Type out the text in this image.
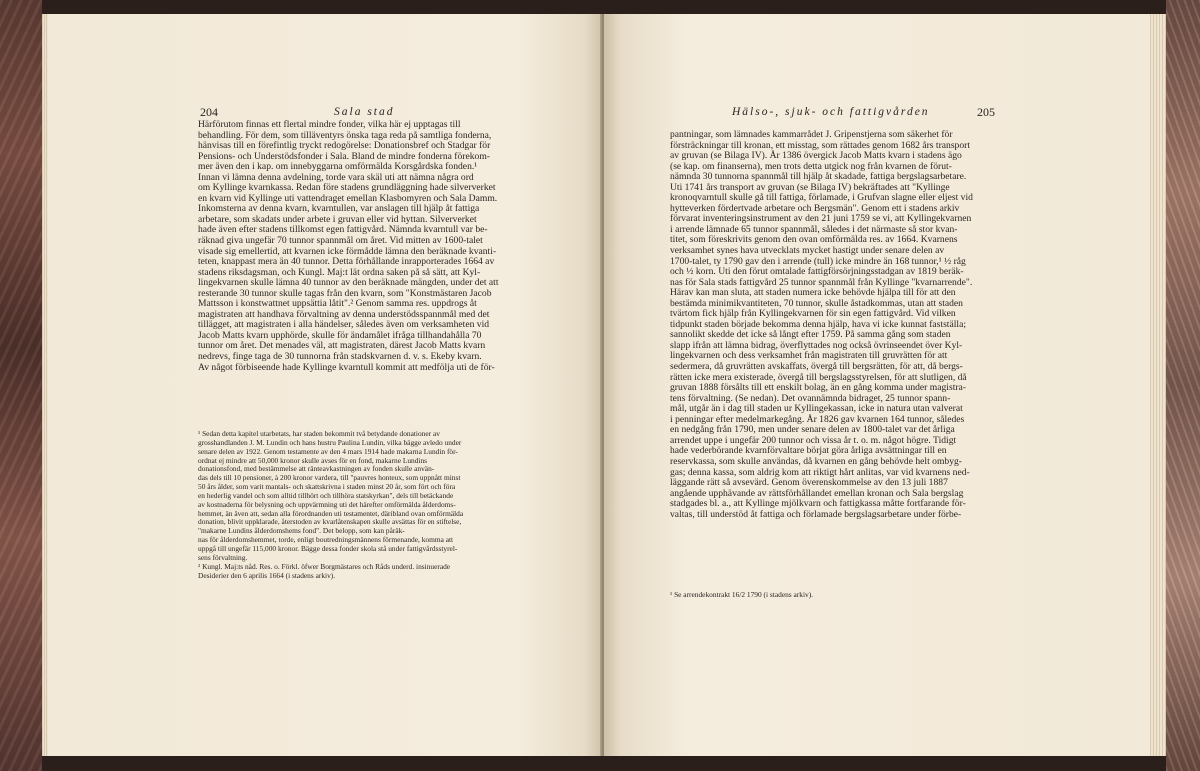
204	Sala stad
Härförutom finnas ett flertal mindre fonder, vilka här ej upptagas till
behandling. För dem, som tilläventyrs önska taga reda på samtliga fonderna,
hänvisas till en förefintlig tryckt redogörelse: Donationsbref och Stadgar för
Pensions- och Understödsfonder i Sala. Bland de mindre fonderna förekom-
mer även den i kap. om innebyggarna omförmälda Korsgårdska fonden.¹
Innan vi lämna denna avdelning, torde vara skäl uti att nämna några ord
om Kyllinge kvarnkassa. Redan före stadens grundläggning hade silververket
en kvarn vid Kyllinge uti vattendraget emellan Klasbomyren och Sala Damm.
Inkomsterna av denna kvarn, kvarntullen, var anslagen till hjälp åt fattiga
arbetare, som skadats under arbete i gruvan eller vid hyttan. Silververket
hade även efter stadens tillkomst egen fattigvård. Nämnda kvarntull var be-
räknad giva ungefär 70 tunnor spannmål om året. Vid mitten av 1600-talet
visade sig emellertid, att kvarnen icke förmådde lämna den beräknade kvanti-
teten, knappast mera än 40 tunnor. Detta förhållande inrapporterades 1664 av
stadens riksdagsman, och Kungl. Maj:t lät ordna saken på så sätt, att Kyl-
lingekvarnen skulle lämna 40 tunnor av den beräknade mängden, under det att
resterande 30 tunnor skulle tagas från den kvarn, som "Konstmästaren Jacob
Mattsson i konstwattnet uppsättia låtit".² Genom samma res. uppdrogs åt
magistraten att handhava förvaltning av denna understödsspannmål med det
tillägget, att magistraten i alla händelser, således även om verksamheten vid
Jacob Matts kvarn upphörde, skulle för ändamålet ifråga tillhandahålla 70
tunnor om året. Det menades väl, att magistraten, därest Jacob Matts kvarn
nedrevs, finge taga de 30 tunnorna från stadskvarnen d. v. s. Ekeby kvarn.
Av något förbiseende hade Kyllinge kvarntull kommit att medfölja uti de för-
¹ Sedan detta kapitel utarbetats, har staden bekommit två betydande donationer av
grosshandlanden J. M. Lundin och hans hustru Paulina Lundin, vilka bägge avledo under
senare delen av 1922. Genom testamente av den 4 mars 1914 hade makarna Lundin för-
ordnat ej mindre att 50,000 kronor skulle avses för en fond, makarne Lundins
donationsfond, med bestämmelse att ränteavkastningen av fonden skulle använ-
das dels till 10 pensioner, à 200 kronor vardera, till "pauvres honteux, som uppnått minst
50 års ålder, som varit mantals- och skattskrivna i staden minst 20 år, som fört och föra
en hederlig vandel och som alltid tillhört och tillhöra statskyrkan", dels till betäckande
av kostnaderna för belysning och uppvärmning uti det härefter omförmälda ålderdoms-
hemmet, än även att, sedan alla förordnanden uti testamentet, däribland ovan omförmälda
donation, blivit uppklarade, återstoden av kvarlåtenskapen skulle avsättas för en stiftelse,
"makarne Lundins ålderdomshems fond". Det belopp, som kan påräk-
nas för ålderdomshemmet, torde, enligt boutredningsmännens förmenande, komma att
uppgå till ungefär 115,000 kronor. Bägge dessa fonder skola stå under fattigvårdsstyrel-
sens förvaltning.
² Kungl. Maj:ts nåd. Res. o. Förkl. öfwer Borgmästares och Råds underd. insinuerade
Desiderier den 6 aprilis 1664 (i stadens arkiv).
Hälso-, sjuk- och fattigvården	205
pantningar, som lämnades kammarrådet J. Gripenstjerna som säkerhet för
försträckningar till kronan, ett misstag, som rättades genom 1682 års transport
av gruvan (se Bilaga IV). År 1386 övergick Jacob Matts kvarn i stadens ägo
(se kap. om finanserna), men trots detta utgick nog från kvarnen de förut-
nämnda 30 tunnorna spannmål till hjälp åt skadade, fattiga bergslagsarbetare.
Uti 1741 års transport av gruvan (se Bilaga IV) bekräftades att "Kyllinge
kronoqvarntull skulle gå till fattiga, förlamade, i Grufvan slagne eller eljest vid
hytteverken fördertvade arbetare och Bergsmän". Genom ett i stadens arkiv
förvarat inventeringsinstrument av den 21 juni 1759 se vi, att Kyllingekvarnen
i arrende lämnade 65 tunnor spannmål, således i det närmaste så stor kvan-
titet, som föreskrivits genom den ovan omförmälda res. av 1664. Kvarnens
verksamhet synes hava utvecklats mycket hastigt under senare delen av
1700-talet, ty 1790 gav den i arrende (tull) icke mindre än 168 tunnor,¹ ½ råg
och ½ korn. Uti den förut omtalade fattigförsörjningsstadgan av 1819 beräk-
nas för Sala stads fattigvård 25 tunnor spannmål från Kyllinge "kvarnarrende".
Härav kan man sluta, att staden numera icke behövde hjälpa till för att den
bestämda minimikvantiteten, 70 tunnor, skulle åstadkommas, utan att staden
tvärtom fick hjälp från Kyllingekvarnen för sin egen fattigvård. Vid vilken
tidpunkt staden började bekomma denna hjälp, hava vi icke kunnat fastställa;
sannolikt skedde det icke så långt efter 1759. På samma gång som staden
slapp ifrån att lämna bidrag, överflyttades nog också övrinseendet över Kyl-
lingekvarnen och dess verksamhet från magistraten till gruvrätten för att
sedermera, då gruvrätten avskaffats, övergå till bergsrätten, för att, då bergs-
rätten icke mera existerade, övergå till bergslagsstyrelsen, för att slutligen, då
gruvan 1888 försålts till ett enskilt bolag, än en gång komma under magistra-
tens förvaltning. (Se nedan). Det ovannämnda bidraget, 25 tunnor spann-
mål, utgår än i dag till staden ur Kyllingekassan, icke in natura utan valverat
i penningar efter medelmarkegång. År 1826 gav kvarnen 164 tunnor, således
en nedgång från 1790, men under senare delen av 1800-talet var det årliga
arrendet uppe i ungefär 200 tunnor och vissa år t. o. m. något högre. Tidigt
hade vederbörande kvarnförvaltare börjat göra årliga avsättningar till en
reservkassa, som skulle användas, då kvarnen en gång behövde helt ombyg-
gas; denna kassa, som aldrig kom att riktigt hårt anlitas, var vid kvarnens ned-
läggande rätt så avsevärd. Genom överenskommelse av den 13 juli 1887
angående upphävande av rättsförhållandet emellan kronan och Sala bergslag
stadgades bl. a., att Kyllinge mjölkvarn och fattigkassa måtte fortfarande för-
valtas, till understöd åt fattiga och förlamade bergslagsarbetare under förbe-
¹ Se arrendekontrakt 16/2 1790 (i stadens arkiv).
